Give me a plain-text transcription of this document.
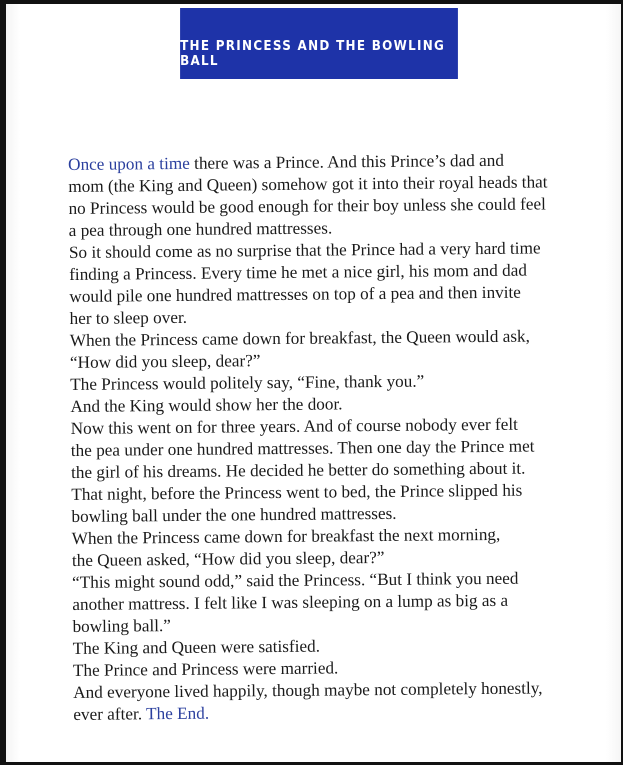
THE PRINCESS AND THE BOWLING BALL
Once upon a time there was a Prince. And this Prince’s dad and
mom (the King and Queen) somehow got it into their royal heads that
no Princess would be good enough for their boy unless she could feel
a pea through one hundred mattresses.
So it should come as no surprise that the Prince had a very hard time
finding a Princess. Every time he met a nice girl, his mom and dad
would pile one hundred mattresses on top of a pea and then invite
her to sleep over.
When the Princess came down for breakfast, the Queen would ask,
“How did you sleep, dear?”
The Princess would politely say, “Fine, thank you.”
And the King would show her the door.
Now this went on for three years. And of course nobody ever felt
the pea under one hundred mattresses. Then one day the Prince met
the girl of his dreams. He decided he better do something about it.
That night, before the Princess went to bed, the Prince slipped his
bowling ball under the one hundred mattresses.
When the Princess came down for breakfast the next morning,
the Queen asked, “How did you sleep, dear?”
“This might sound odd,” said the Princess. “But I think you need
another mattress. I felt like I was sleeping on a lump as big as a
bowling ball.”
The King and Queen were satisfied.
The Prince and Princess were married.
And everyone lived happily, though maybe not completely honestly,
ever after. The End.
